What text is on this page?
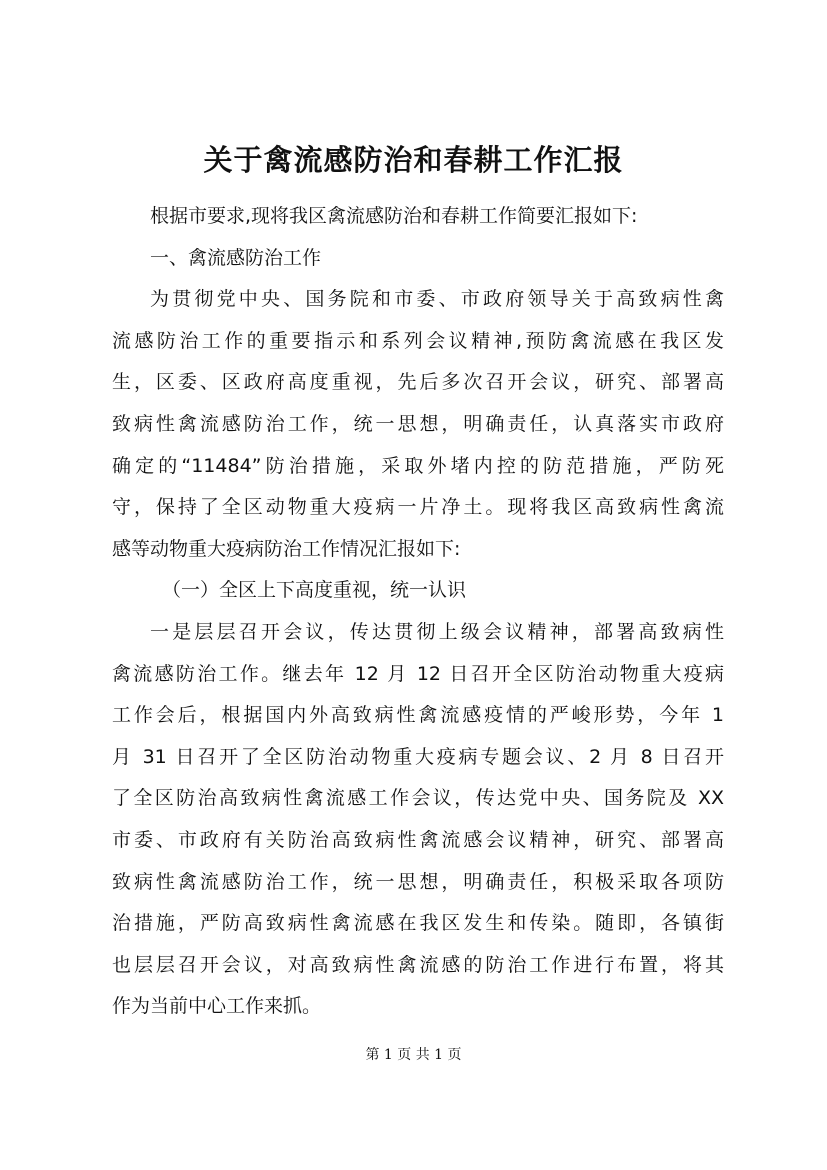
关于禽流感防治和春耕工作汇报
根据市要求,现将我区禽流感防治和春耕工作简要汇报如下:
一、禽流感防治工作
为贯彻党中央、国务院和市委、市政府领导关于高致病性禽
流感防治工作的重要指示和系列会议精神,预防禽流感在我区发
生，区委、区政府高度重视，先后多次召开会议，研究、部署高
致病性禽流感防治工作，统一思想，明确责任，认真落实市政府
确定的“11484”防治措施，采取外堵内控的防范措施，严防死
守，保持了全区动物重大疫病一片净土。现将我区高致病性禽流
感等动物重大疫病防治工作情况汇报如下:
（一）全区上下高度重视，统一认识
一是层层召开会议，传达贯彻上级会议精神，部署高致病性
禽流感防治工作。继去年 12 月 12 日召开全区防治动物重大疫病
工作会后，根据国内外高致病性禽流感疫情的严峻形势，今年 1
月 31 日召开了全区防治动物重大疫病专题会议、2 月 8 日召开
了全区防治高致病性禽流感工作会议，传达党中央、国务院及 XX
市委、市政府有关防治高致病性禽流感会议精神，研究、部署高
致病性禽流感防治工作，统一思想，明确责任，积极采取各项防
治措施，严防高致病性禽流感在我区发生和传染。随即，各镇街
也层层召开会议，对高致病性禽流感的防治工作进行布置，将其
作为当前中心工作来抓。
第 1 页 共 1 页
